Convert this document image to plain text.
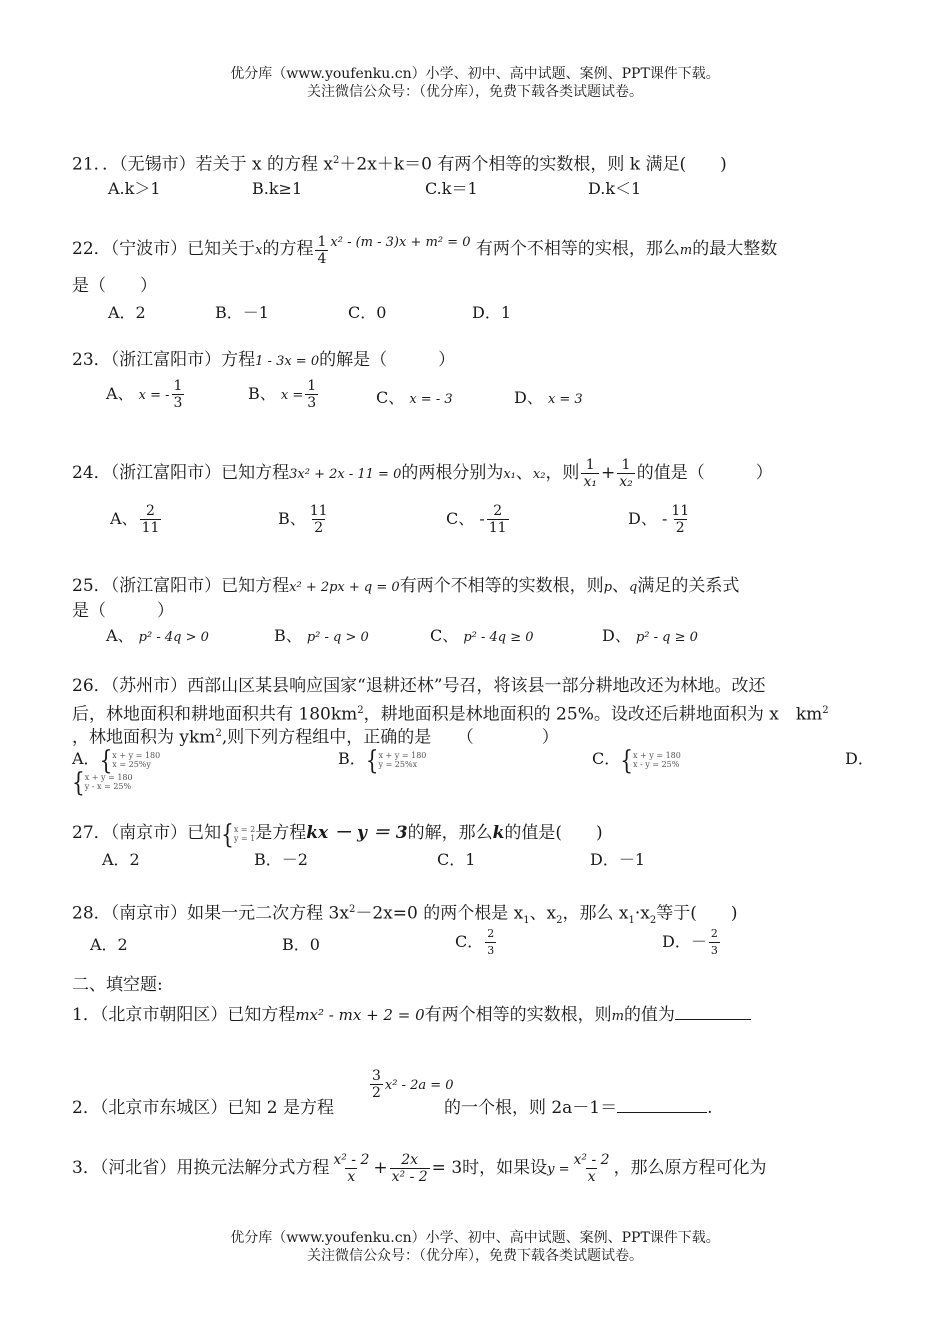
优分库（www.youfenku.cn）小学、初中、高中试题、案例、PPT课件下载。
关注微信公众号：（优分库），免费下载各类试题试卷。
21．．（无锡市）若关于 x 的方程 $x^2+2x+k=0$ 有两个相等的实数根，则 k 满足(　　)
A.k＞1	B.k≥1	C.k＝1	D.k＜1
22．（宁波市）已知关于x的方程 $\frac{1}{4} ^{x^2 - (m - 3)x + m^2 = 0}$ 有两个不相等的实根，那么m的最大整数
是（　　）
A．2	B．－1	C．0	D．1
23．（浙江富阳市）方程1 - 3x = 0的解是（　　　）
A、 x = - $\frac{1}{3}$	B、 $x = \frac{1}{3}$	C、 x = - 3	D、 x = 3
24．（浙江富阳市）已知方程3x² + 2x - 11 = 0的两根分别为x₁、x₂，则 $\frac{1}{\text{x₁}} + \frac{1}{\text{x₂}}$ 的值是（　　　）
A、 $\frac{2}{11}$	B、 $\frac{11}{2}$	C、 - $\frac{2}{11}$	D、 - $\frac{11}{2}$
25．（浙江富阳市）已知方程x² + 2px + q = 0有两个不相等的实数根，则p、q满足的关系式
是（　　　）
A、 p² - 4q > 0	B、 p² - q > 0	C、 p² - 4q ≥ 0	D、 p² - q ≥ 0
26．（苏州市）西部山区某县响应国家“退耕还林”号召，将该县一部分耕地改还为林地。改还
后，林地面积和耕地面积共有 $180km^2$，耕地面积是林地面积的 25%。设改还后耕地面积为 x　$km^2$
，林地面积为 ykm$^2$,则下列方程组中，正确的是　　（　　　　）
A．{x + y = 180
x = 25%y	B．{x + y = 180
y = 25%x	C．{x + y = 180
x - y = 25%	D．
{x + y = 180
y - x = 25%
27．（南京市）已知{x = 2
y = 1是方程kx － y ＝ 3的解，那么k的值是(　　)
A．2	B．－2	C．1	D．－1
28．（南京市）如果一元二次方程 $3x^2-2x=0$ 的两个根是 $x_1$、$x_2$，那么 $x_1\cdot x_2$等于(　　)
A．2	B．0	C． $\frac{2}{3}$	D．－ $\frac{2}{3}$
二、填空题:
1．（北京市朝阳区）已知方程mx² - mx + 2 = 0有两个相等的实数根，则m的值为
$\frac{3}{2} x^2 - 2a = 0$
2．（北京市东城区）已知 2 是方程	的一个根，则 2a－1＝	.
3．（河北省）用换元法解分式方程 $\frac{\text{x² - 2}}{x} + \frac{2x}{\text{x² - 2}} = 3$时，如果设$y = \frac{\text{x² - 2}}{x}$ ，那么原方程可化为
优分库（www.youfenku.cn）小学、初中、高中试题、案例、PPT课件下载。
关注微信公众号：（优分库），免费下载各类试题试卷。
